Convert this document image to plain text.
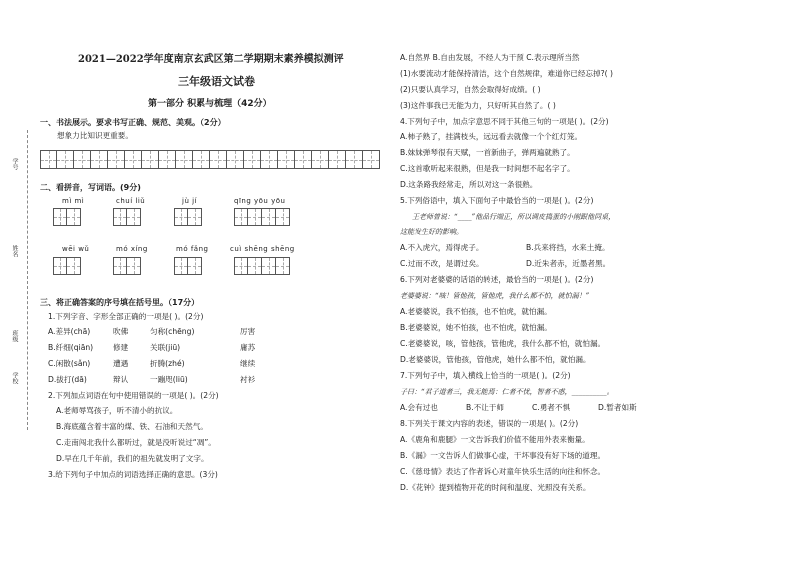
学号
姓名
班级
学校
2021—2022学年度南京玄武区第二学期期末素养模拟测评
三年级语文试卷
第一部分 积累与梳理（42分）
一、书法展示。要求书写正确、规范、美观。（2分）
想象力比知识更重要。
二、看拼音，写词语。(9分)
mì mì	chuí liǔ	jù jí	qīng yōu yōu
wēi wǔ	mó xíng	mó fǎng	cuì shēng shēng
三、将正确答案的序号填在括号里。（17分）
1.下列字音、字形全部正确的一项是( )。(2分)
A.差异(chā)	吹佛	匀称(chēng)	厉害
B.纤细(qiān)	修建	关联(jiū)	庸苏
C.闲散(sǎn)	遭遇	折腾(zhé)	继续
D.拔打(dā)	辩认	一蹦咫(liū)	衬衫
2.下列加点词语在句中使用错误的一项是( )。(2分)
A.老师辱骂孩子，听不清小的抗议。
B.海底蕴含着丰富的煤、铁、石油和天然气。
C.走南闯北我什么都听过，就是没听说过“凋”。
D.早在几千年前，我们的祖先就发明了文字。
3.给下列句子中加点的词语选择正确的意思。(3分)
A.自然界 B.自由发展，不经人为干预 C.表示理所当然
(1)水要流动才能保持清洁，这个自然规律，难道你已经忘掉?( )
(2)只要认真学习，自然会取得好成绩。( )
(3)这件事我已无能为力，只好听其自然了。( )
4.下列句子中，加点字意思不同于其他三句的一项是( )。(2分)
A.柿子熟了，挂满枝头，远远看去就像一个个红灯笼。
B.妹妹弹琴很有天赋，一首新曲子，弹两遍就熟了。
C.这首歌听起来很熟，但是我一时间想不起名字了。
D.这条路我经常走，所以对这一条很熟。
5.下列俗语中，填入下面句子中最恰当的一项是( )。(2分)
王老师曾说：“____”他品行端正，所以调皮捣蛋的小刚跟他同桌，
这能发生好的影响。
A.不入虎穴，焉得虎子。	B.兵来将挡，水来土掩。
C.过而不改，是谓过矣。	D.近朱者赤，近墨者黑。
6.下列对老婆婆的话语的转述，最恰当的一项是( )。(2分)
老婆婆说：“咳！管他孩，管他虎，我什么都不怕，就怕漏！”
A.老婆婆说，我不怕孩，也不怕虎，就怕漏。
B.老婆婆说，她不怕孩，也不怕虎，就怕漏。
C.老婆婆说，咳，管他孩，管他虎，我什么都不怕，就怕漏。
D.老婆婆说，管他孩，管他虎，她什么都不怕，就怕漏。
7.下列句子中，填入横线上恰当的一项是( )。(2分)
子曰：“君子道者三，我无能焉：仁者不忧，智者不惑，__________。
A.会有过也	B.不让于师	C.勇者不惧	D.暂者如斯
8.下列关于课文内容的表述，错误的一项是( )。(2分)
A.《鹿角和鹿腿》一文告诉我们价值不能用外表来衡量。
B.《漏》一文告诉人们做事心虚，干坏事没有好下场的道理。
C.《慈母情》表达了作者诉心对童年快乐生活的向往和怀念。
D.《花钟》提到植物开花的时间和温度、光照没有关系。
